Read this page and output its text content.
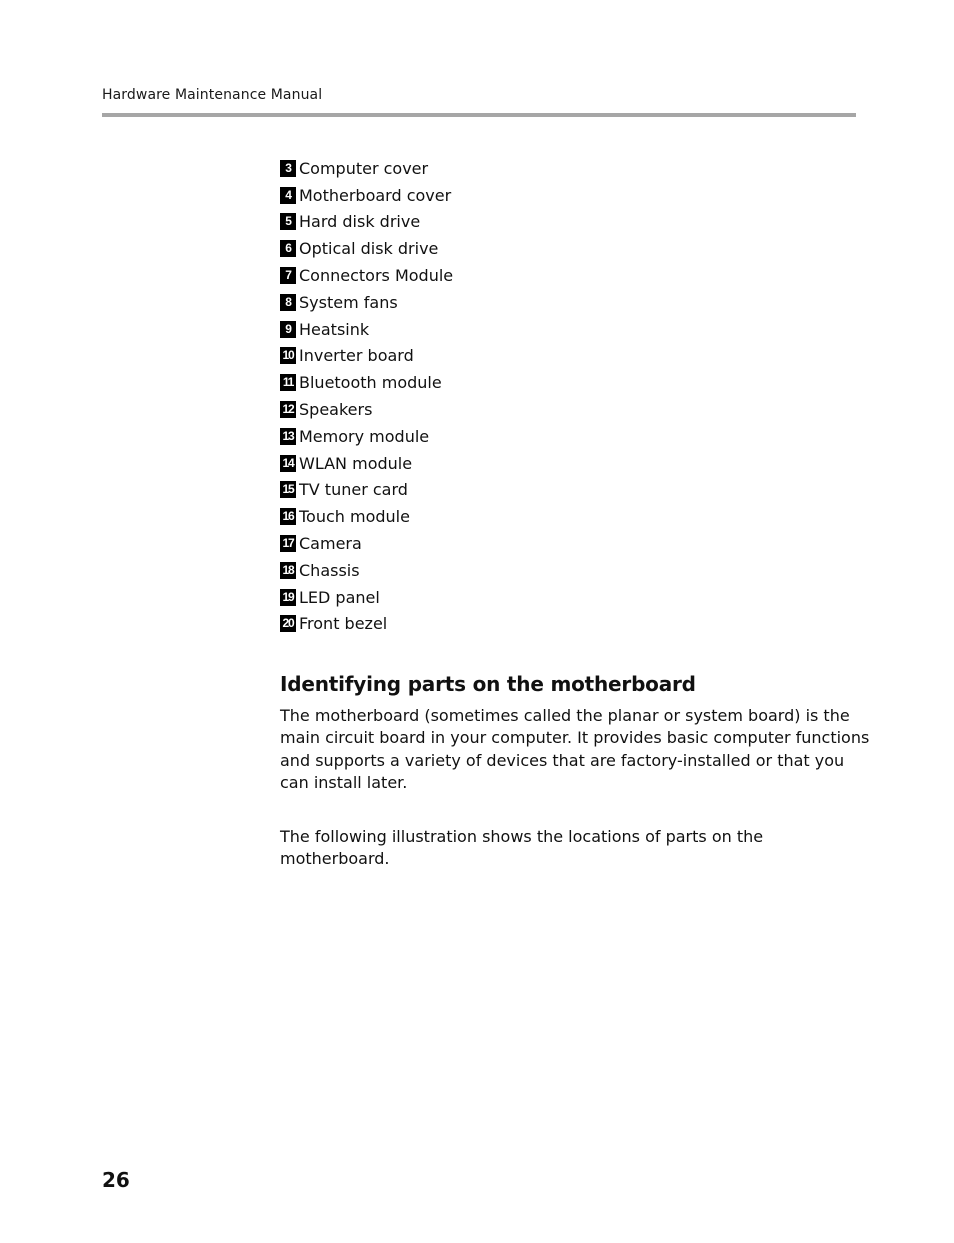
Hardware Maintenance Manual
3 Computer cover
4 Motherboard cover
5 Hard disk drive
6 Optical disk drive
7 Connectors Module
8 System fans
9 Heatsink
10 Inverter board
11 Bluetooth module
12 Speakers
13 Memory module
14 WLAN module
15 TV tuner card
16 Touch module
17 Camera
18 Chassis
19 LED panel
20 Front bezel
Identifying parts on the motherboard

The motherboard (sometimes called the planar or system board) is the main circuit board in your computer. It provides basic computer functions and supports a variety of devices that are factory-installed or that you can install later.

The following illustration shows the locations of parts on the motherboard.

26
